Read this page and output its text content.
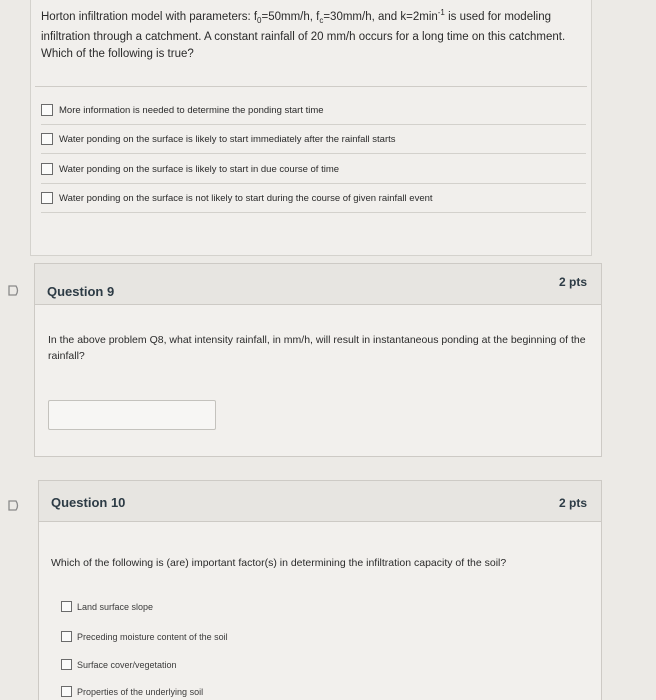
Horton infiltration model with parameters: $f_0=50mm/h$, $f_c=30mm/h$, and $k=2\min^{-1}$ is used for modeling infiltration through a catchment. A constant rainfall of 20 mm/h occurs for a long time on this catchment. Which of the following is true?
More information is needed to determine the ponding start time
Water ponding on the surface is likely to start immediately after the rainfall starts
Water ponding on the surface is likely to start in due course of time
Water ponding on the surface is not likely to start during the course of given rainfall event
Question 9
2 pts
In the above problem Q8, what intensity rainfall, in mm/h, will result in instantaneous ponding at the beginning of the rainfall?
Question 10	2 pts
Which of the following is (are) important factor(s) in determining the infiltration capacity of the soil?
Land surface slope
Preceding moisture content of the soil
Surface cover/vegetation
Properties of the underlying soil
